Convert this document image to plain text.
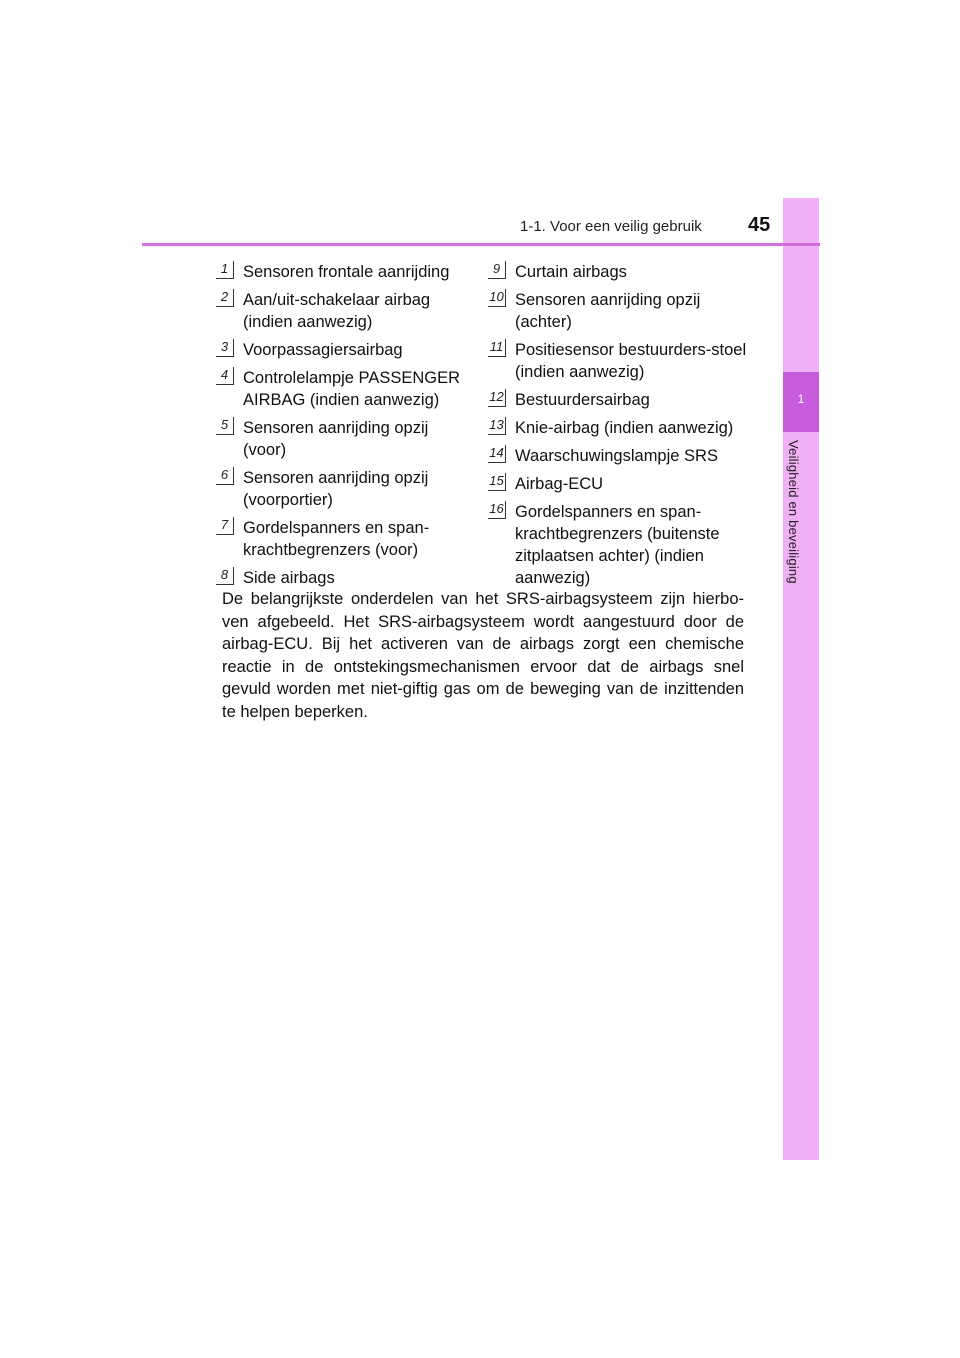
1
Veiligheid en beveiliging
1-1. Voor een veilig gebruik 45
1 Sensoren frontale aanrijding
2 Aan/uit-schakelaar airbag (indien aanwezig)
3 Voorpassagiersairbag
4 Controlelampje PASSENGER AIRBAG (indien aanwezig)
5 Sensoren aanrijding opzij (voor)
6 Sensoren aanrijding opzij (voorportier)
7 Gordelspanners en span-krachtbegrenzers (voor)
8 Side airbags
9 Curtain airbags
10 Sensoren aanrijding opzij (achter)
11 Positiesensor bestuurders-stoel (indien aanwezig)
12 Bestuurdersairbag
13 Knie-airbag (indien aanwezig)
14 Waarschuwingslampje SRS
15 Airbag-ECU
16 Gordelspanners en span-krachtbegrenzers (buitenste zitplaatsen achter) (indien aanwezig)

De belangrijkste onderdelen van het SRS-airbagsysteem zijn hierbo-ven afgebeeld. Het SRS-airbagsysteem wordt aangestuurd door de airbag-ECU. Bij het activeren van de airbags zorgt een chemische reactie in de ontstekingsmechanismen ervoor dat de airbags snel gevuld worden met niet-giftig gas om de beweging van de inzittenden te helpen beperken.
